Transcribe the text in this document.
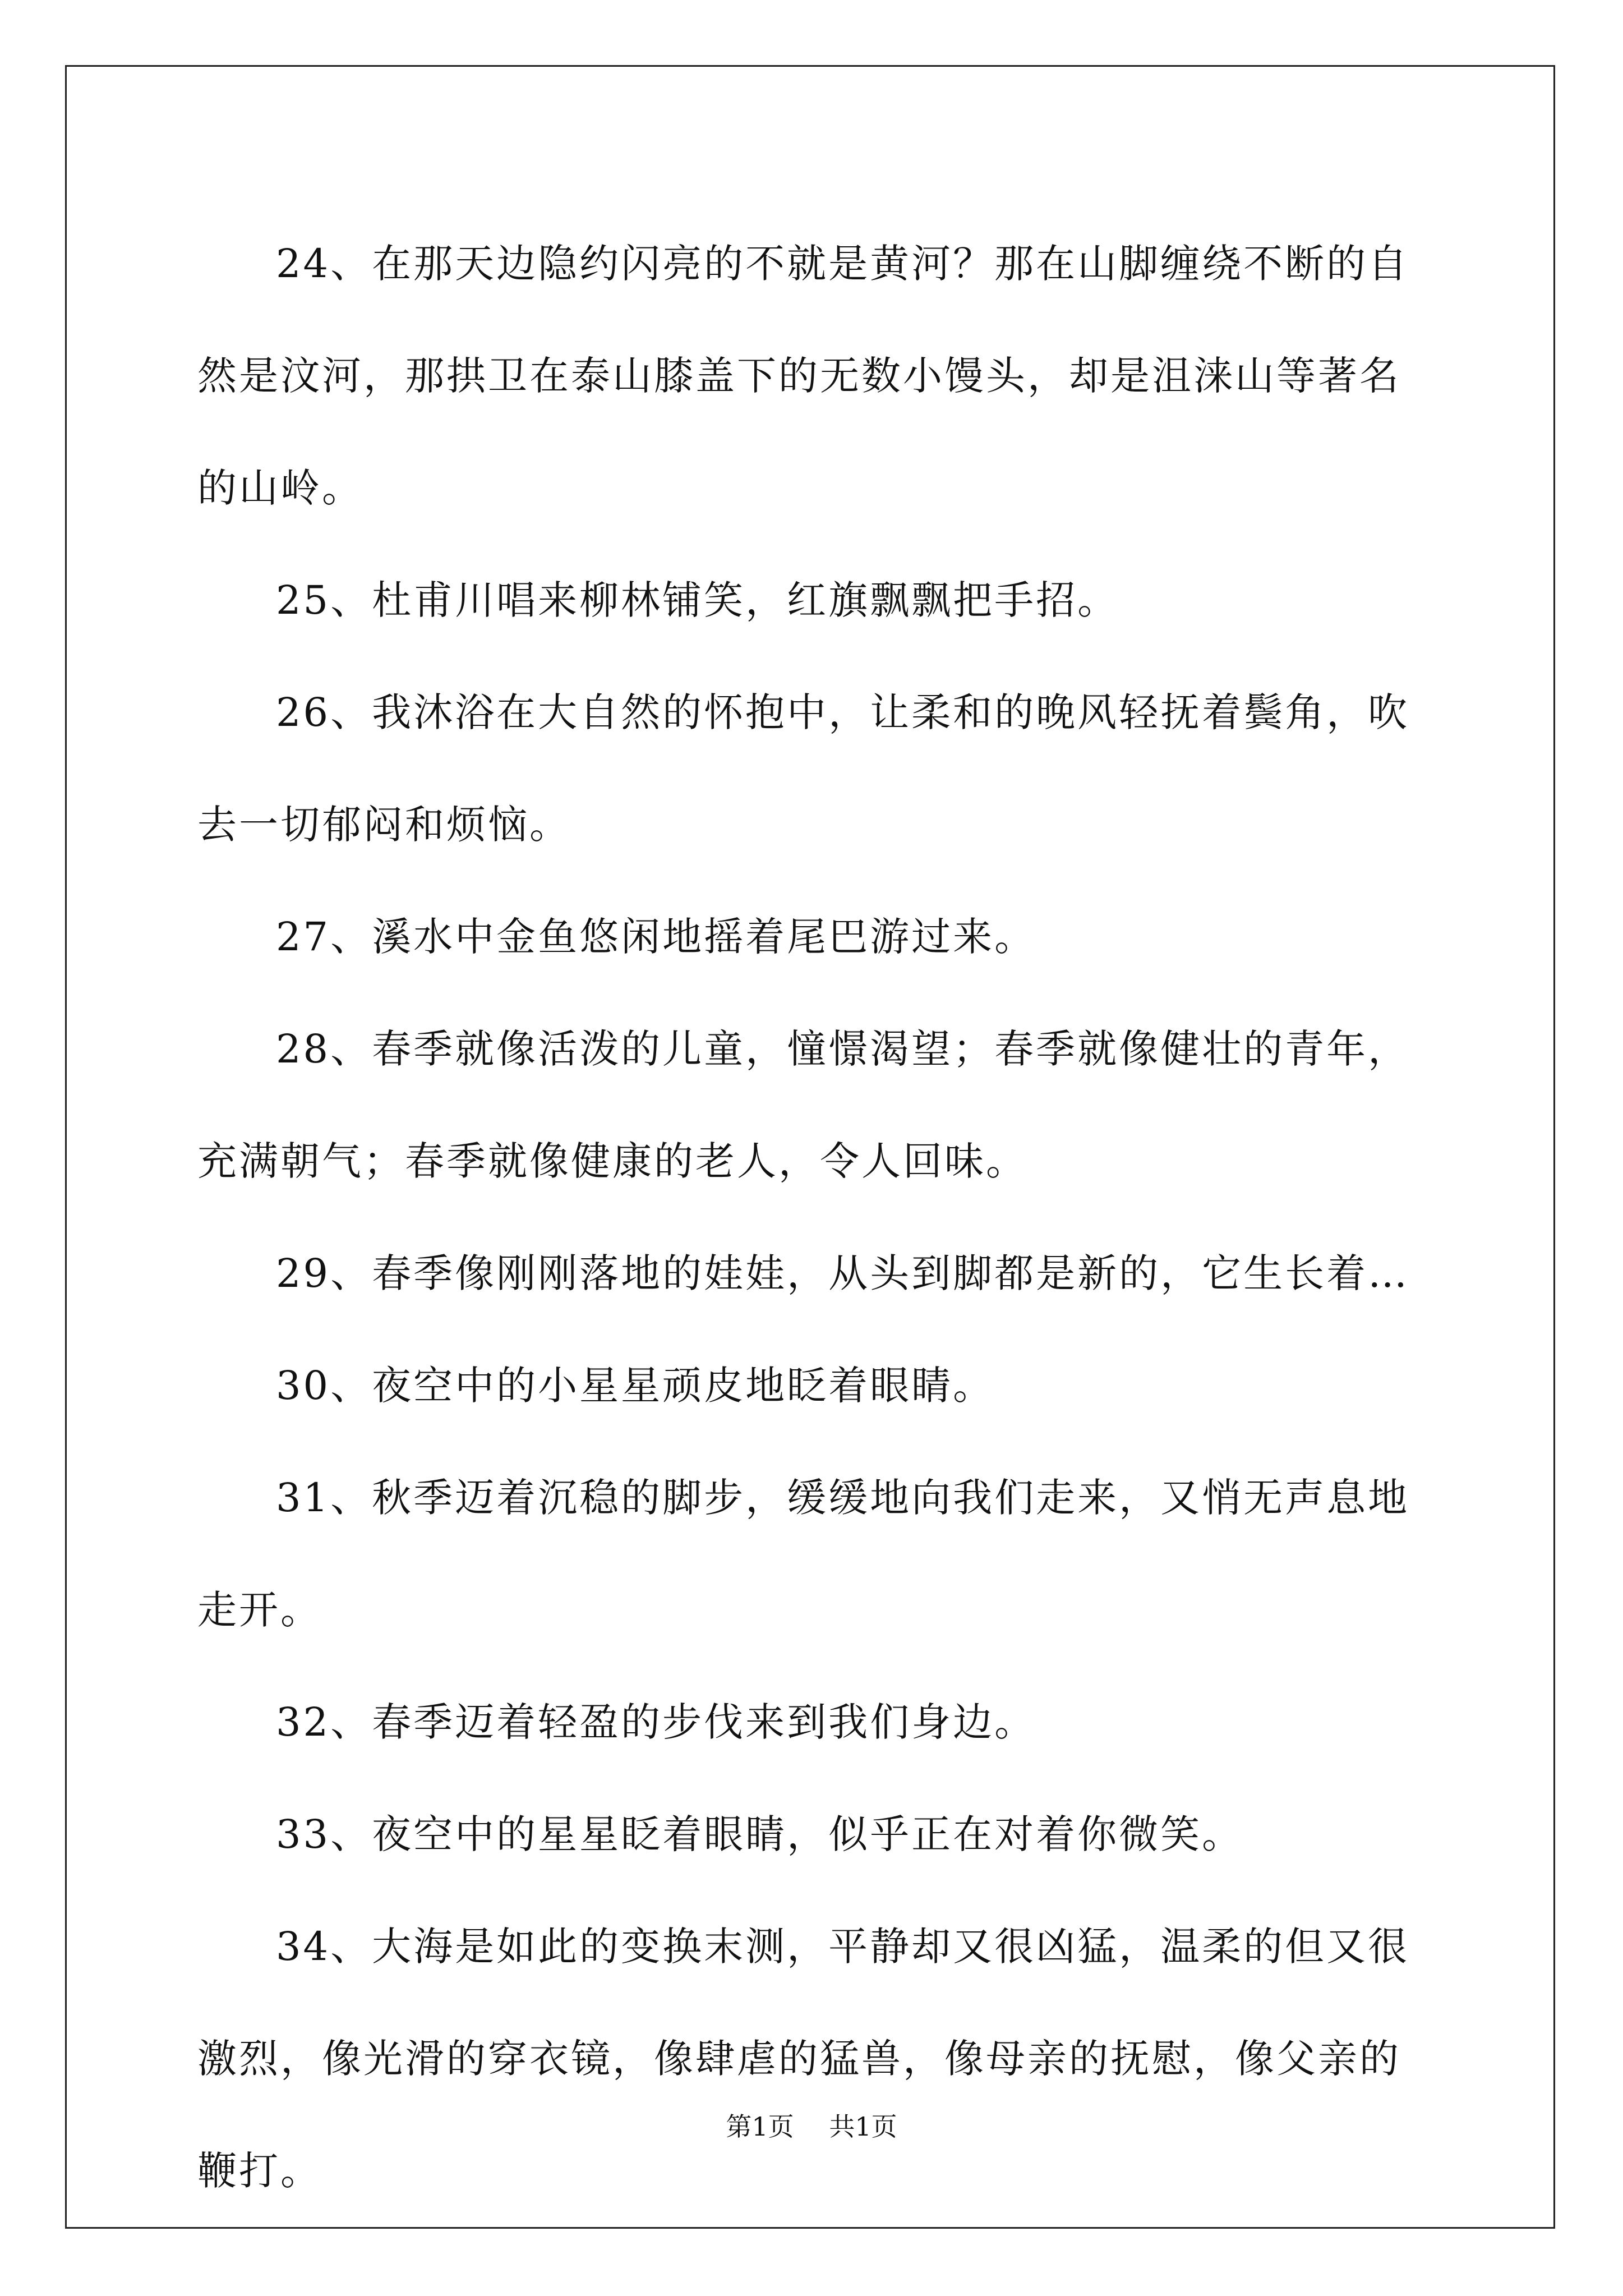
24、在那天边隐约闪亮的不就是黄河？那在山脚缠绕不断的自然是汶河，那拱卫在泰山膝盖下的无数小馒头，却是沮涞山等著名的山岭。

25、杜甫川唱来柳林铺笑，红旗飘飘把手招。

26、我沐浴在大自然的怀抱中，让柔和的晚风轻抚着鬓角，吹去一切郁闷和烦恼。

27、溪水中金鱼悠闲地摇着尾巴游过来。

28、春季就像活泼的儿童，憧憬渴望；春季就像健壮的青年，充满朝气；春季就像健康的老人，令人回味。

29、春季像刚刚落地的娃娃，从头到脚都是新的，它生长着…

30、夜空中的小星星顽皮地眨着眼睛。

31、秋季迈着沉稳的脚步，缓缓地向我们走来，又悄无声息地走开。

32、春季迈着轻盈的步伐来到我们身边。

33、夜空中的星星眨着眼睛，似乎正在对着你微笑。

34、大海是如此的变换末测，平静却又很凶猛，温柔的但又很激烈，像光滑的穿衣镜，像肆虐的猛兽，像母亲的抚慰，像父亲的鞭打。

第1页 共1页
